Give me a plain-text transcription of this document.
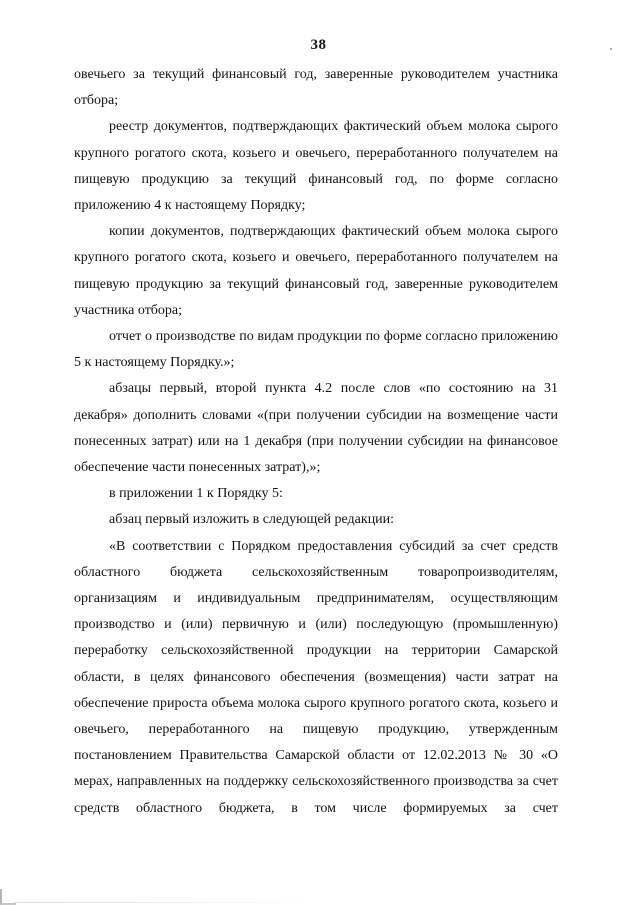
38

овечьего за текущий финансовый год, заверенные руководителем участника отбора;

реестр документов, подтверждающих фактический объем молока сырого крупного рогатого скота, козьего и овечьего, переработанного получателем на пищевую продукцию за текущий финансовый год, по форме согласно приложению 4 к настоящему Порядку;

копии документов, подтверждающих фактический объем молока сырого крупного рогатого скота, козьего и овечьего, переработанного получателем на пищевую продукцию за текущий финансовый год, заверенные руководителем участника отбора;

отчет о производстве по видам продукции по форме согласно приложению 5 к настоящему Порядку.»;

абзацы первый, второй пункта 4.2 после слов «по состоянию на 31 декабря» дополнить словами «(при получении субсидии на возмещение части понесенных затрат) или на 1 декабря (при получении субсидии на финансовое обеспечение части понесенных затрат),»;

в приложении 1 к Порядку 5:

абзац первый изложить в следующей редакции:

«В соответствии с Порядком предоставления субсидий за счет средств областного бюджета сельскохозяйственным товаропроизводителям, организациям и индивидуальным предпринимателям, осуществляющим производство и (или) первичную и (или) последующую (промышленную) переработку сельскохозяйственной продукции на территории Самарской области, в целях финансового обеспечения (возмещения) части затрат на обеспечение прироста объема молока сырого крупного рогатого скота, козьего и овечьего, переработанного на пищевую продукцию, утвержденным постановлением Правительства Самарской области от 12.02.2013 № 30 «О мерах, направленных на поддержку сельскохозяйственного производства за счет средств областного бюджета, в том числе формируемых за счет
